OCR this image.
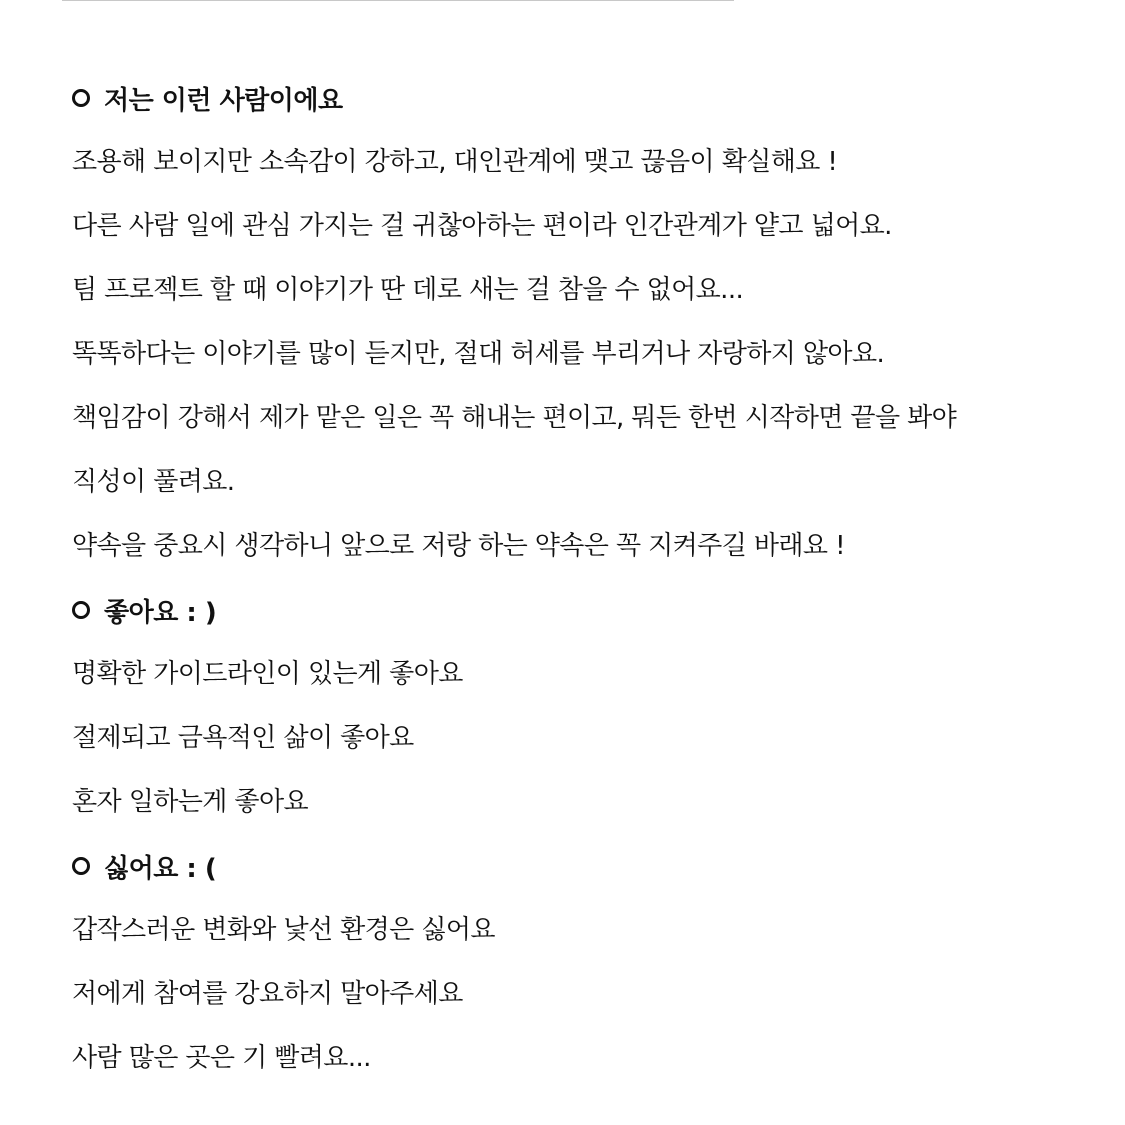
저는 이런 사람이에요
조용해 보이지만 소속감이 강하고, 대인관계에 맺고 끊음이 확실해요 !
다른 사람 일에 관심 가지는 걸 귀찮아하는 편이라 인간관계가 얕고 넓어요.
팀 프로젝트 할 때 이야기가 딴 데로 새는 걸 참을 수 없어요...
똑똑하다는 이야기를 많이 듣지만, 절대 허세를 부리거나 자랑하지 않아요.
책임감이 강해서 제가 맡은 일은 꼭 해내는 편이고, 뭐든 한번 시작하면 끝을 봐야
직성이 풀려요.
약속을 중요시 생각하니 앞으로 저랑 하는 약속은 꼭 지켜주길 바래요 !
좋아요 : )
명확한 가이드라인이 있는게 좋아요
절제되고 금욕적인 삶이 좋아요
혼자 일하는게 좋아요
싫어요 : (
갑작스러운 변화와 낯선 환경은 싫어요
저에게 참여를 강요하지 말아주세요
사람 많은 곳은 기 빨려요...
